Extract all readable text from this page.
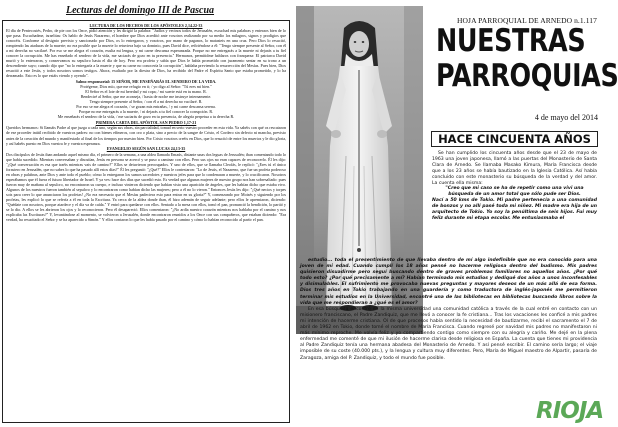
Lecturas del domingo III de Pascua
LECTURA DE LOS HECHOS DE LOS APÓSTOLES 2,14.22-33

El día de Pentecostés, Pedro, de pie con los Once, pidió atención y les dirigió la palabra: "Judíos y vecinos todos de Jerusalén, escuchad mis palabras y enteraos bien de lo que pasa. Escuchadme, israelitas: Os hablo de Jesús Nazareno, el hombre que Dios acreditó ante vosotros realizando por su medio los milagros, signos y prodigios que conocéis. Conforme al designio previsto y sancionado por Dios, os lo entregaron, y vosotros, por mano de paganos, lo matasteis en una cruz. Pero Dios lo resucitó, rompiendo las ataduras de la muerte; no era posible que la muerte lo retuviera bajo su dominio, pues David dice, refiriéndose a él: "Tengo siempre presente al Señor, con él a mi derecha no vacilaré. Por eso se me alegra el corazón, exulta mi lengua, y mi carne descansa esperanzada. Porque no me entregarás a la muerte ni dejarás a tu fiel conocer la corrupción. Me has enseñado el sendero de la vida, me saciarás de gozo en tu presencia." Hermanos, permitidme hablaros con franqueza: El patriarca David murió y lo enterraron, y conservamos su sepulcro hasta el día de hoy. Pero era profeta y sabía que Dios le había prometido con juramento sentar en su trono a un descendiente suyo; cuando dijo que "no lo entregaría a la muerte y que su carne no conocería la corrupción", hablaba previendo la resurrección del Mesías. Pues bien, Dios resucitó a este Jesús, y todos nosotros somos testigos. Ahora, exaltado por la diestra de Dios, ha recibido del Padre el Espíritu Santo que estaba prometido, y lo ha derramado. Esto es lo que estáis viendo y oyendo".

Salmo responsorial: 15 SEÑOR, ME ENSEÑARÁS EL SENDERO DE LA VIDA.
Protégeme, Dios mío, que me refugio en ti; / yo digo al Señor: "Tú eres mi bien."
El Señor es el lote de mi heredad y mi copa; / mi suerte está en tu mano. R.
Bendeciré al Señor, que me aconseja, / hasta de noche me instruye internamente.
Tengo siempre presente al Señor, / con él a mi derecha no vacilaré. R.
Por eso se me alegra el corazón, / se gozan mis entrañas, / y mi carne descansa serena.
Porque no me entregarás a la muerte, / ni dejarás a tu fiel conocer la corrupción. R.
Me enseñarás el sendero de la vida, / me saciarás de gozo en tu presencia, de alegría perpetua a tu derecha R.
PRIMERA CARTA DEL APÓSTOL SAN PEDRO 1,17-21

Queridos hermanos: Si llamáis Padre al que juzga a cada uno, según sus obras, sin parcialidad, tomad en serio vuestro proceder en esta vida. Ya sabéis con qué os rescataron de ese proceder inútil recibido de vuestros padres: no con bienes efímeros, con oro o plata, sino a precio de la sangre de Cristo, el Cordero sin defecto ni mancha, previsto antes de la creación del mundo y manifestado al final de los tiempos por nuestro bien. Por Cristo vosotros creéis en Dios, que lo resucitó de entre los muertos y le dio gloria, y así habéis puesto en Dios vuestra fe y vuestra esperanza.

EVANGELIO SEGÚN SAN LUCAS 24,13-35

Dos discípulos de Jesús iban andando aquel mismo día, el primero de la semana, a una aldea llamada Emaús, distante unas dos leguas de Jerusalén; iban comentando todo lo que había sucedido. Mientras conversaban y discutían, Jesús en persona se acercó y se puso a caminar con ellos. Pero sus ojos no eran capaces de reconocerlo. Él les dijo: "¿Qué conversación es esa que traéis mientras vais de camino?" Ellos se detuvieron preocupados. Y uno de ellos, que se llamaba Cleofás, le replicó: "¿Eres tú el único forastero en Jerusalén, que no sabes lo que ha pasado allí estos días?" Él les preguntó: "¿Qué?" Ellos le contestaron: "Lo de Jesús, el Nazareno, que fue un profeta poderoso en obras y palabras, ante Dios y ante todo el pueblo; cómo lo entregaron los sumos sacerdotes y nuestros jefes para que lo condenaran a muerte, y lo crucificaron. Nosotros esperábamos que él fuera el futuro libertador de Israel. Y ya ves: hace dos días que sucedió esto. Es verdad que algunas mujeres de nuestro grupo nos han sobresaltado: pues fueron muy de mañana al sepulcro, no encontraron su cuerpo, e incluso vinieron diciendo que habían visto una aparición de ángeles, que les habían dicho que estaba vivo. Algunos de los nuestros fueron también al sepulcro y lo encontraron como habían dicho las mujeres; pero a él no lo vieron." Entonces Jesús les dijo: "¡Qué necios y torpes sois para creer lo que anunciaron los profetas! ¿No era necesario que el Mesías padeciera esto para entrar en su gloria?" Y, comenzando por Moisés y siguiendo por los profetas, les explicó lo que se refería a él en toda la Escritura. Ya cerca de la aldea donde iban, él hizo ademán de seguir adelante; pero ellos le apremiaron, diciendo: "Quédate con nosotros, porque atardece y el día va de caída." Y entró para quedarse con ellos. Sentado a la mesa con ellos, tomó el pan, pronunció la bendición, lo partió y se lo dio. A ellos se les abrieron los ojos y lo reconocieron. Pero él desapareció. Ellos comentaron: "¿No ardía nuestro corazón mientras nos hablaba por el camino y nos explicaba las Escrituras?" Y, levantándose al momento, se volvieron a Jerusalén, donde encontraron reunidos a los Once con sus compañeros, que estaban diciendo: "Era verdad, ha resucitado el Señor y se ha aparecido a Simón." Y ellos contaron lo que les había pasado por el camino y cómo lo habían reconocido al partir el pan.

HOJA PARROQUIAL DE ARNEDO n.1.117
NUESTRAS
PARROQUIAS
4 de mayo del 2014
HACE CINCUENTA AÑOS

Se han cumplido los cincuenta años desde que el 23 de mayo de 1963 una joven japonesa, llamó a las puertas del Monasterio de Santa Clara de Arnedo. Se llamaba Masako Kimura, María Francisca desde que a los 23 años se había bautizado en la Iglesia Católica. Así había concluido con este monasterio su búsqueda de la verdad y del amor. La cuenta ella misma:

"Creo que mi caso se ha de repetir como una vivi una búsqueda de un amor total que sólo pude ser Dios.

Nací a 50 kms de Tokio. Mi padre pertenecía a una comunidad de bonzos y no allí pasé toda mi niñez. Mi madre era hija de un arquitecto de Tokio. Yo soy la penúltima de seis hijos. Fui muy feliz durante mi etapa escolar. Me entusiasmaba el

estudio... toda el presentimiento de que llevaba dentro de mí algo indefinible que no era conocido para una joven de mi edad. Cuando cumplí los 18 años pensé no hacerme religiosa dentro del budismo. Mis padres quisieron disuadirme pero seguí buscando dentro de graves problemas familiares no aquellos años. ¿Por qué todo esto? ¿Por qué precisamente a mí? Habían terminado mis estudios y dediqué dos años a unos inconfesables y disimulables. El sufrimiento me provocaba nuevas preguntas y mayores deseos de un más allá de esa forma. Dios tres años en Tokio trabajando en una guardería y como traductora de inglés-japonés me permitieron terminar mis estudios en la Universidad, encontré una de las bibliotecas en bibliotecas buscando libros sobre la vida que me respondieran a ¿qué es el amor?

En esa búsqueda encontré en la misma universidad una comunidad católica a través de la cual entré en contacto con un misionero franciscano, el Padre Zandiquiz, que me llevó a conocer la fe cristiana... Tras los vacaciones les conficé a mis padres mi intención de hacerme cristiana. Oí de que procesos había sentido la necesidad de bautizarme, recibí el sacramento el 7 de abril de 1962 en Tokio, donde tomé el nombre de María Francisca. Cuando regresé por navidad mis padres no manifestaron ni más mínimo reproche. Me volvía feliz y yo compartiendo contigo como siempre con su alegría y cariño. Me dejé en la plena enfermedad me comenté de que mi ilusión de hacerme clarisa desde religiosa en España. La cuenta que tienes mi providencia al Padre Zandiquiz tenía una hermana abadesa del Monasterio de Arnedo. Y así pensé escribir. El camino sería largo; el viaje imposible de su coste (40.000 pts.), y la lengua y cultura muy diferentes. Pero, María de Miguel maestro de Alpartir, pasaría de Zaragoza, amiga del P. Zandiquiz, y todo el mundo fue posible.

RIOJA
